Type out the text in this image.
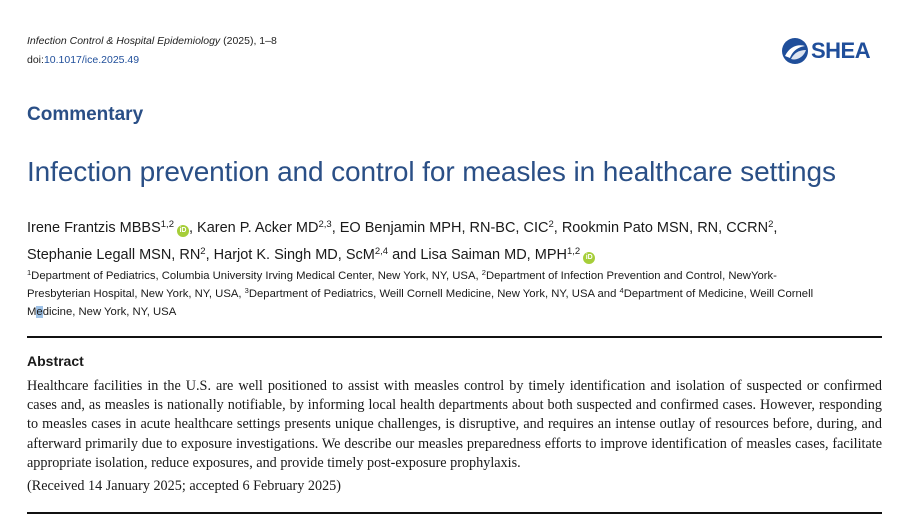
Infection Control & Hospital Epidemiology (2025), 1–8
doi:10.1017/ice.2025.49	SHEA
Commentary
Infection prevention and control for measles in healthcare settings
Irene Frantzis MBBS$^{1,2}$iD , Karen P. Acker MD$^{2,3}$, EO Benjamin MPH, RN-BC, CIC$^2$, Rookmin Pato MSN, RN, CCRN$^2$,
Stephanie Legall MSN, $RN^2$, Harjot K. Singh MD, ScM$^{2,4}$ and Lisa Saiman MD, MPH$^{1,2}$iD
$^1$Department of Pediatrics, Columbia University Irving Medical Center, New York, NY, USA, $^2$Department of Infection Prevention and Control, NewYork-
Presbyterian Hospital, New York, NY, USA, $^3$Department of Pediatrics, Weill Cornell Medicine, New York, NY, USA and $^4$Department of Medicine, Weill Cornell
Medicine, New York, NY, USA
Abstract
Healthcare facilities in the U.S. are well positioned to assist with measles control by timely identification and isolation of suspected or confirmed cases and, as measles is nationally notifiable, by informing local health departments about both suspected and confirmed cases. However, responding to measles cases in acute healthcare settings presents unique challenges, is disruptive, and requires an intense outlay of resources before, during, and afterward primarily due to exposure investigations. We describe our measles preparedness efforts to improve identification of measles cases, facilitate appropriate isolation, reduce exposures, and provide timely post-exposure prophylaxis.
(Received 14 January 2025; accepted 6 February 2025)
